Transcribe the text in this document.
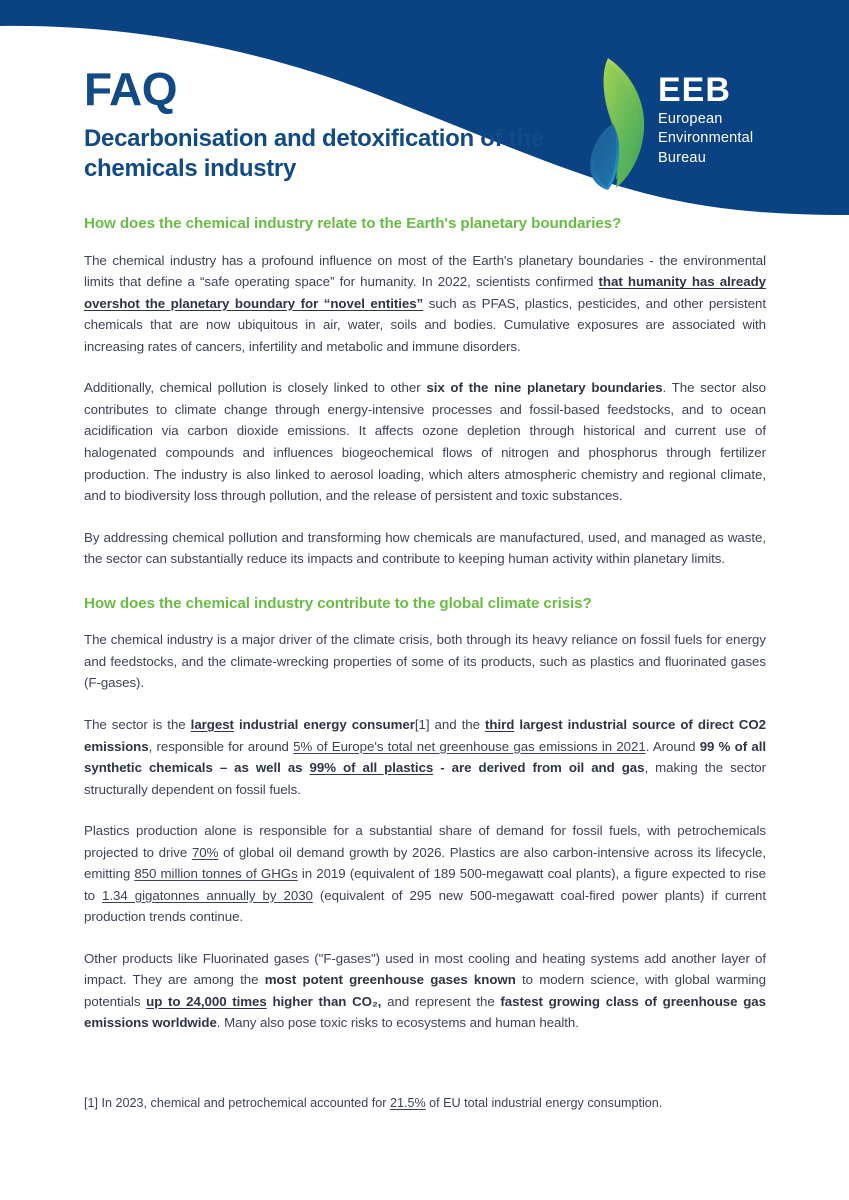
FAQ
Decarbonisation and detoxification of the chemicals industry
EEB
European
Environmental
Bureau
How does the chemical industry relate to the Earth's planetary boundaries?

The chemical industry has a profound influence on most of the Earth's planetary boundaries - the environmental limits that define a “safe operating space” for humanity. In 2022, scientists confirmed that humanity has already overshot the planetary boundary for “novel entities” such as PFAS, plastics, pesticides, and other persistent chemicals that are now ubiquitous in air, water, soils and bodies. Cumulative exposures are associated with increasing rates of cancers, infertility and metabolic and immune disorders.

Additionally, chemical pollution is closely linked to other six of the nine planetary boundaries. The sector also contributes to climate change through energy-intensive processes and fossil-based feedstocks, and to ocean acidification via carbon dioxide emissions. It affects ozone depletion through historical and current use of halogenated compounds and influences biogeochemical flows of nitrogen and phosphorus through fertilizer production. The industry is also linked to aerosol loading, which alters atmospheric chemistry and regional climate, and to biodiversity loss through pollution, and the release of persistent and toxic substances.

By addressing chemical pollution and transforming how chemicals are manufactured, used, and managed as waste, the sector can substantially reduce its impacts and contribute to keeping human activity within planetary limits.

How does the chemical industry contribute to the global climate crisis?

The chemical industry is a major driver of the climate crisis, both through its heavy reliance on fossil fuels for energy and feedstocks, and the climate-wrecking properties of some of its products, such as plastics and fluorinated gases (F-gases).

The sector is the largest industrial energy consumer[1] and the third largest industrial source of direct CO2 emissions, responsible for around 5% of Europe's total net greenhouse gas emissions in 2021. Around 99 % of all synthetic chemicals – as well as 99% of all plastics - are derived from oil and gas, making the sector structurally dependent on fossil fuels.

Plastics production alone is responsible for a substantial share of demand for fossil fuels, with petrochemicals projected to drive 70% of global oil demand growth by 2026. Plastics are also carbon-intensive across its lifecycle, emitting 850 million tonnes of GHGs in 2019 (equivalent of 189 500-megawatt coal plants), a figure expected to rise to 1.34 gigatonnes annually by 2030 (equivalent of 295 new 500-megawatt coal-fired power plants) if current production trends continue.

Other products like Fluorinated gases ("F-gases") used in most cooling and heating systems add another layer of impact. They are among the most potent greenhouse gases known to modern science, with global warming potentials up to 24,000 times higher than CO₂, and represent the fastest growing class of greenhouse gas emissions worldwide. Many also pose toxic risks to ecosystems and human health.

[1] In 2023, chemical and petrochemical accounted for 21.5% of EU total industrial energy consumption.
